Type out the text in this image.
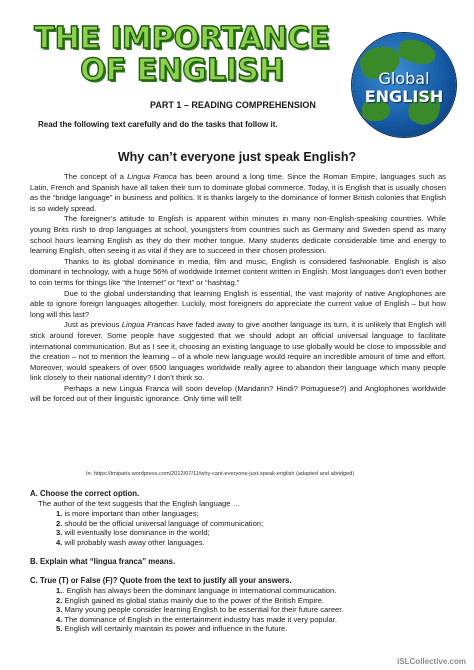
THE IMPORTANCE
OF ENGLISH	Global
ENGLISH
PART 1 – READING COMPREHENSION
Read the following text carefully and do the tasks that follow it.
Why can’t everyone just speak English?

The concept of a Lingua Franca has been around a long time. Since the Roman Empire, languages such as Latin, French and Spanish have all taken their turn to dominate global commerce. Today, it is English that is usually chosen as the “bridge language” in business and politics. It is thanks largely to the dominance of former British colonies that English is so widely spread.

The foreigner’s attitude to English is apparent within minutes in many non-English-speaking countries. While young Brits rush to drop languages at school, youngsters from countries such as Germany and Sweden spend as many school hours learning English as they do their mother tongue. Many students dedicate considerable time and energy to learning English, often seeing it as vital if they are to succeed in their chosen profession.

Thanks to its global dominance in media, film and music, English is considered fashionable. English is also dominant in technology, with a huge 56% of worldwide Internet content written in English. Most languages don’t even bother to coin terms for things like “the Internet” or “text” or “hashtag.”

Due to the global understanding that learning English is essential, the vast majority of native Anglophones are able to ignore foreign languages altogether. Luckily, most foreigners do appreciate the current value of English – but how long will this last?

Just as previous Lingua Francas have faded away to give another language its turn, it is unlikely that English will stick around forever. Some people have suggested that we should adopt an official universal language to facilitate international communication. But as I see it, choosing an existing language to use globally would be close to impossible and the creation – not to mention the learning – of a whole new language would require an incredible amount of time and effort. Moreover, would speakers of over 6500 languages worldwide really agree to abandon their language which many people link closely to their national identity? I don’t think so.

Perhaps a new Lingua Franca will soon develop (Mandarin? Hindi? Portuguese?) and Anglophones worldwide will be forced out of their linguistic ignorance. Only time will tell!

In: https://tmiparis.wordpress.com/2012/07/11/why-cant-everyone-just-speak-english (adapted and abridged)
A. Choose the correct option.
The author of the text suggests that the English language …
1. is more important than other languages;
2. should be the official universal language of communication;
3. will eventually lose dominance in the world;
4. will probably wash away other languages.
B. Explain what “lingua franca” means.
C. True (T) or False (F)? Quote from the text to justify all your answers.
1.. English has always been the dominant language in international communication.
2. English gained its global status mainly due to the power of the British Empire.
3. Many young people consider learning English to be essential for their future career.
4. The dominance of English in the entertainment industry has made it very popular.
5. English will certainly maintain its power and influence in the future.
iSLCollective.com
